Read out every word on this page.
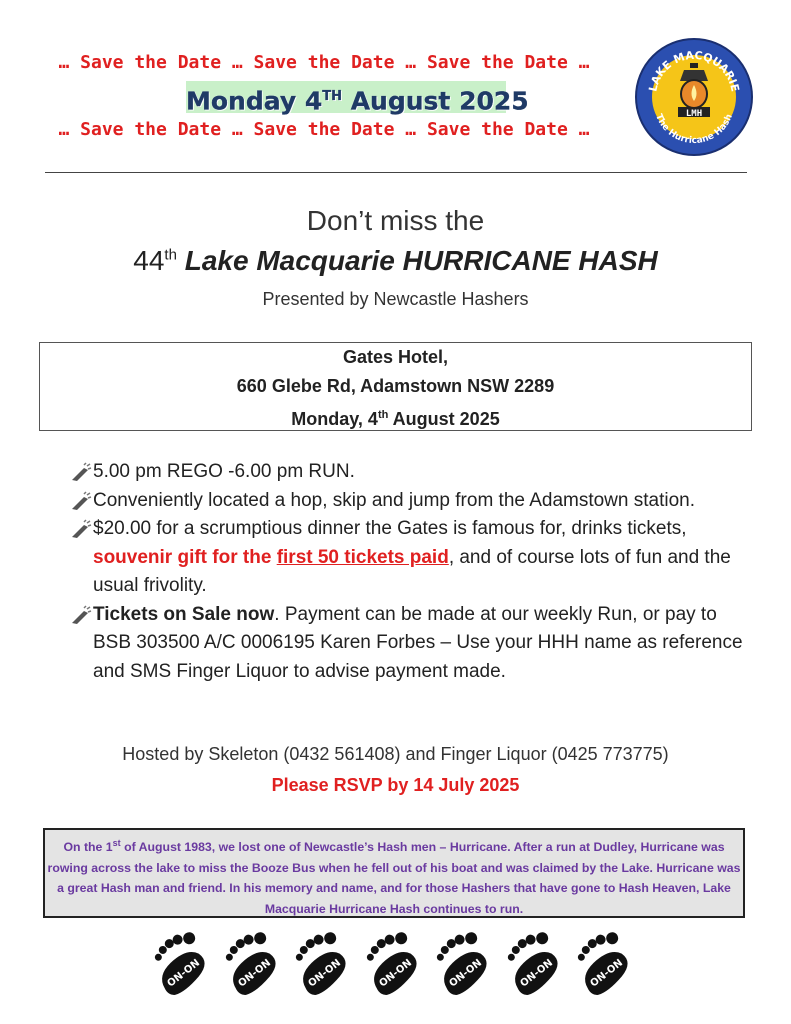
… Save the Date … Save the Date … Save the Date …
Monday 4TH August 2025
… Save the Date … Save the Date … Save the Date …
LAKE MACQUARIE
The Hurricane Hash
LMH
Don’t miss the
44th Lake Macquarie HURRICANE HASH
Presented by Newcastle Hashers
Gates Hotel,
660 Glebe Rd, Adamstown NSW 2289
Monday, 4th August 2025
5.00 pm REGO -6.00 pm RUN.
Conveniently located a hop, skip and jump from the Adamstown station.
$20.00 for a scrumptious dinner the Gates is famous for, drinks tickets, souvenir gift for the first 50 tickets paid, and of course lots of fun and the usual frivolity.
Tickets on Sale now. Payment can be made at our weekly Run, or pay to BSB 303500 A/C 0006195 Karen Forbes – Use your HHH name as reference and SMS Finger Liquor to advise payment made.
Hosted by Skeleton (0432 561408) and Finger Liquor (0425 773775)
Please RSVP by 14 July 2025
On the 1st of August 1983, we lost one of Newcastle’s Hash men – Hurricane. After a run at Dudley, Hurricane was rowing across the lake to miss the Booze Bus when he fell out of his boat and was claimed by the Lake. Hurricane was a great Hash man and friend. In his memory and name, and for those Hashers that have gone to Hash Heaven, Lake Macquarie Hurricane Hash continues to run.
ON-ON	ON-ON	ON-ON	ON-ON	ON-ON	ON-ON	ON-ON
